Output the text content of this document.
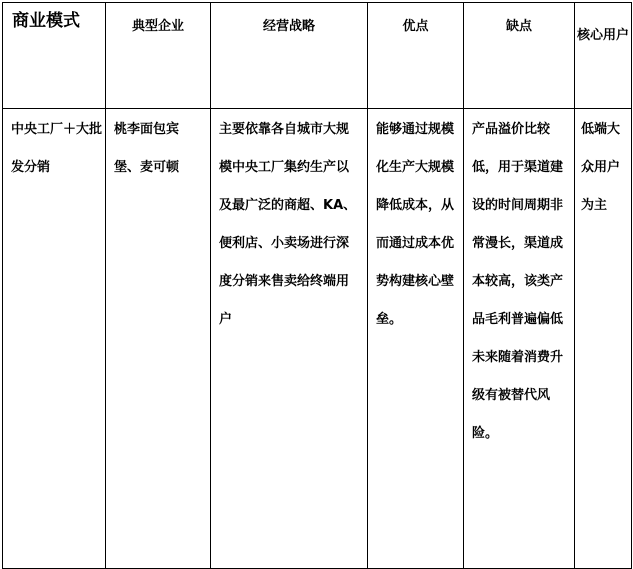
商业模式	典型企业	经营战略	优点	缺点	核心用户

中央工厂＋大批发分销	桃李面包宾堡、麦可顿	主要依靠各自城市大规模中央工厂集约生产以及最广泛的商超、KA、便利店、小卖场进行深度分销来售卖给终端用户	能够通过规模化生产大规模降低成本，从而通过成本优势构建核心壁垒。	产品溢价比较低，用于渠道建设的时间周期非常漫长，渠道成本较高，该类产品毛利普遍偏低未来随着消费升级有被替代风险。	低端大众用户为主
